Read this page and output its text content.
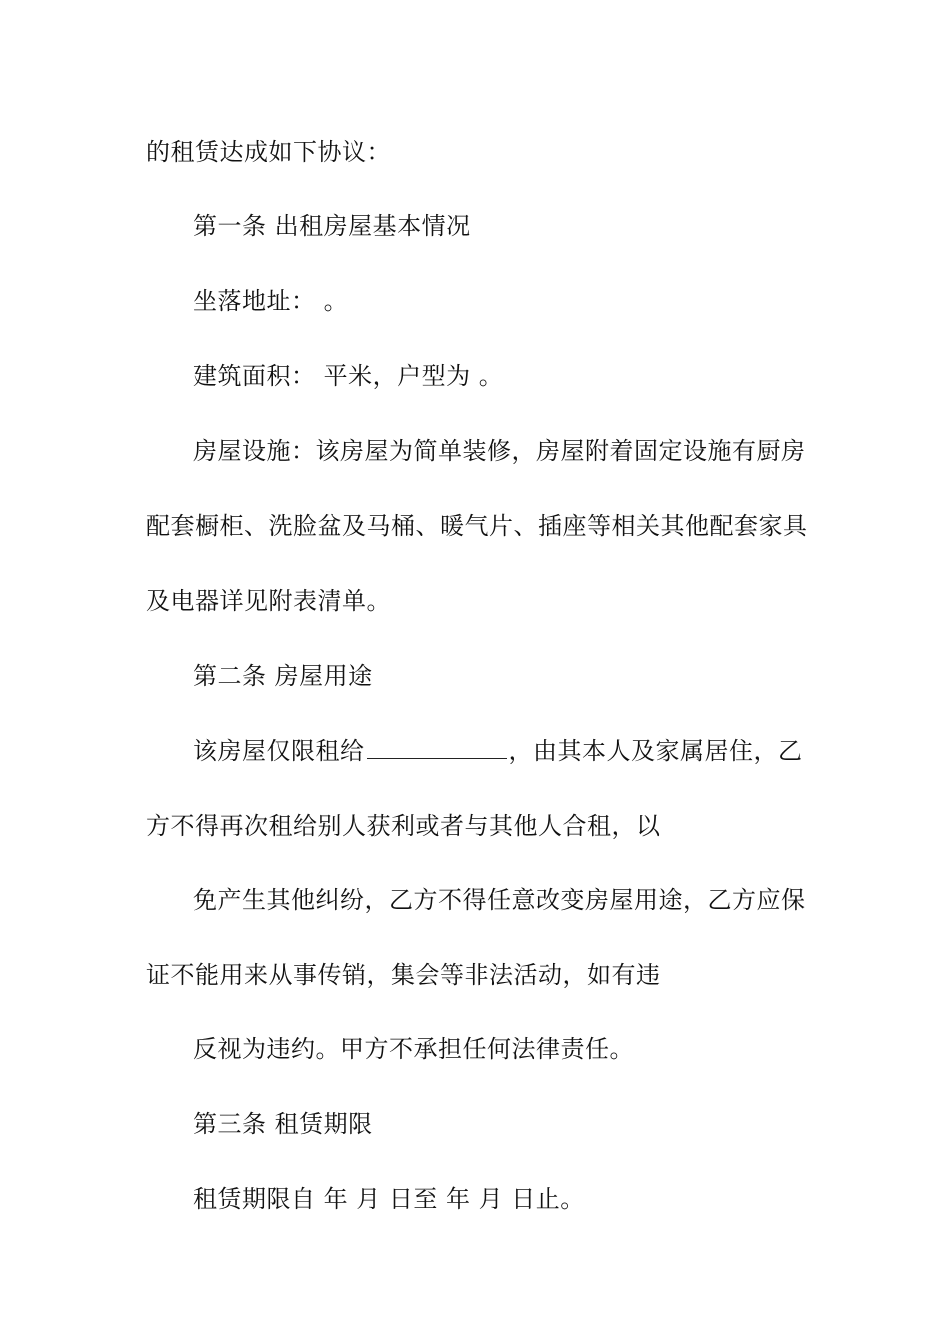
的租赁达成如下协议：
第一条 出租房屋基本情况
坐落地址： 。
建筑面积： 平米，户型为 。
房屋设施：该房屋为简单装修，房屋附着固定设施有厨房
配套橱柜、洗脸盆及马桶、暖气片、插座等相关其他配套家具
及电器详见附表清单。
第二条 房屋用途
该房屋仅限租给	，由其本人及家属居住，乙
方不得再次租给别人获利或者与其他人合租，以
免产生其他纠纷，乙方不得任意改变房屋用途，乙方应保
证不能用来从事传销，集会等非法活动，如有违
反视为违约。甲方不承担任何法律责任。
第三条 租赁期限
租赁期限自 年 月 日至 年 月 日止。
